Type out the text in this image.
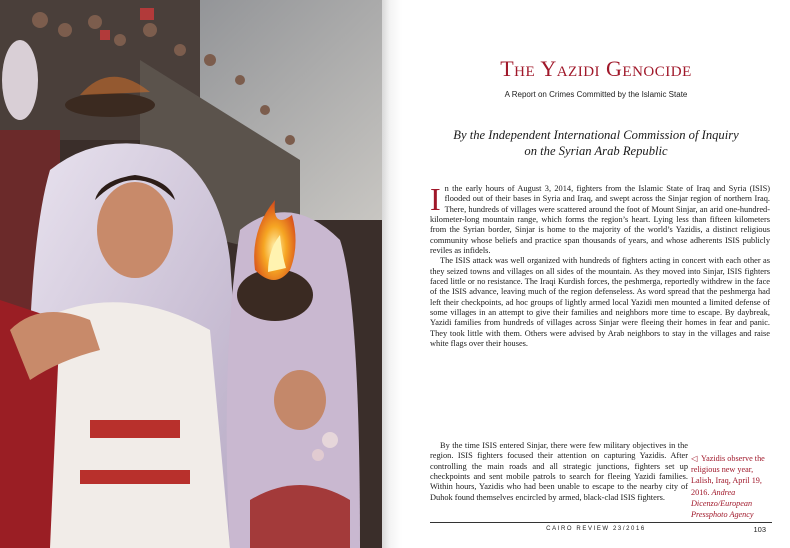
The Yazidi Genocide
A Report on Crimes Committed by the Islamic State
By the Independent International Commission of Inquiry
on the Syrian Arab Republic

In the early hours of August 3, 2014, fighters from the Islamic State of Iraq and Syria (ISIS) flooded out of their bases in Syria and Iraq, and swept across the Sinjar region of northern Iraq. There, hundreds of villages were scattered around the foot of Mount Sinjar, an arid one-hundred-kilometer-long mountain range, which forms the region’s heart. Lying less than fifteen kilometers from the Syrian border, Sinjar is home to the majority of the world’s Yazidis, a distinct religious community whose beliefs and practice span thousands of years, and whose adherents ISIS publicly reviles as infidels.

The ISIS attack was well organized with hundreds of fighters acting in concert with each other as they seized towns and villages on all sides of the mountain. As they moved into Sinjar, ISIS fighters faced little or no resistance. The Iraqi Kurdish forces, the peshmerga, reportedly withdrew in the face of the ISIS advance, leaving much of the region defenseless. As word spread that the peshmerga had left their checkpoints, ad hoc groups of lightly armed local Yazidi men mounted a limited defense of some villages in an attempt to give their families and neighbors more time to escape. By daybreak, Yazidi families from hundreds of villages across Sinjar were fleeing their homes in fear and panic. They took little with them. Others were advised by Arab neighbors to stay in the villages and raise white flags over their houses.

By the time ISIS entered Sinjar, there were few military objectives in the region. ISIS fighters focused their attention on capturing Yazidis. After controlling the main roads and all strategic junctions, fighters set up checkpoints and sent mobile patrols to search for fleeing Yazidi families. Within hours, Yazidis who had been unable to escape to the nearby city of Duhok found themselves encircled by armed, black-clad ISIS fighters.

◁ Yazidis observe the religious new year, Lalish, Iraq, April 19, 2016. Andrea Dicenzo/European Pressphoto Agency
CAIRO REVIEW 23/2016	103
